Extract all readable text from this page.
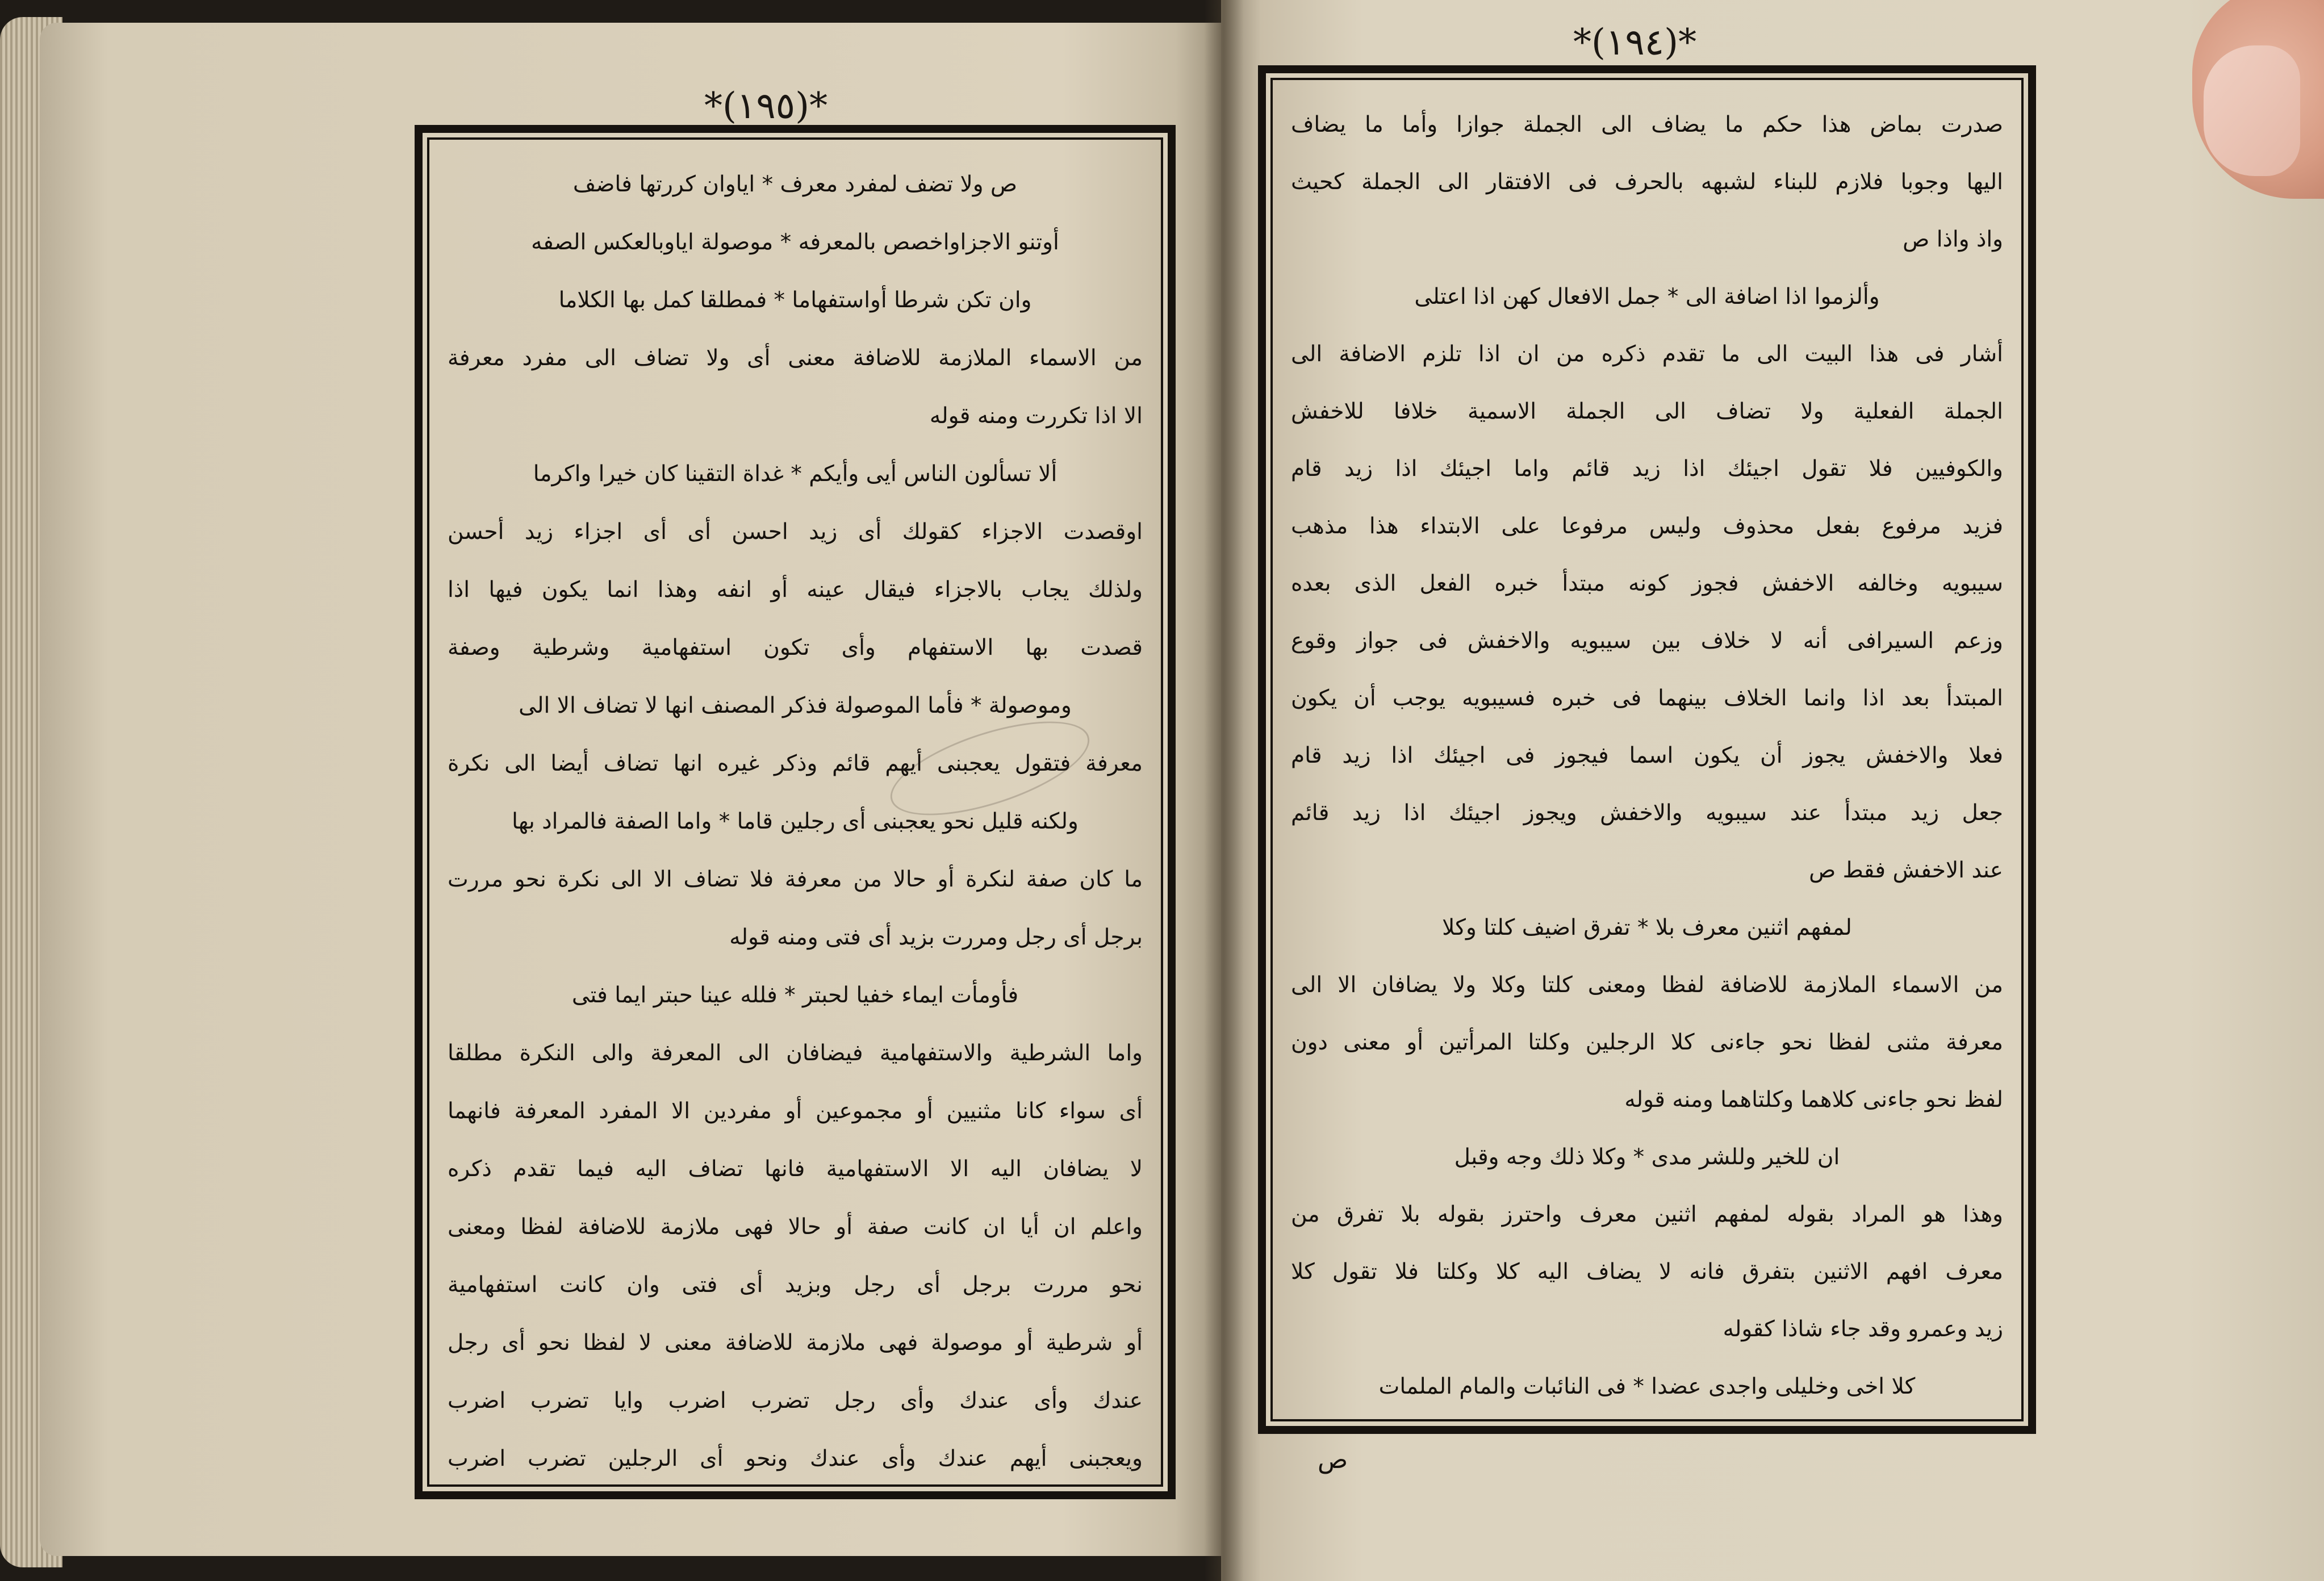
*(١٩٥)*
*(١٩٤)*
ص ولا تضف لمفرد معرف * اياوان كررتها فاضف
أوتنو الاجزاواخصص بالمعرفه * موصولة اياوبالعكس الصفه
وان تكن شرطا أواستفهاما * فمطلقا كمل بها الكلاما
من الاسماء الملازمة للاضافة معنى أى ولا تضاف الى مفرد معرفة
الا اذا تكررت ومنه قوله
ألا تسألون الناس أيى وأيكم * غداة التقينا كان خيرا واكرما
اوقصدت الاجزاء كقولك أى زيد احسن أى أى اجزاء زيد أحسن
ولذلك يجاب بالاجزاء فيقال عينه أو انفه وهذا انما يكون فيها اذا
قصدت بها الاستفهام وأى تكون استفهامية وشرطية وصفة
وموصولة * فأما الموصولة فذكر المصنف انها لا تضاف الا الى
معرفة فتقول يعجبنى أيهم قائم وذكر غيره انها تضاف أيضا الى نكرة
ولكنه قليل نحو يعجبنى أى رجلين قاما * واما الصفة فالمراد بها
ما كان صفة لنكرة أو حالا من معرفة فلا تضاف الا الى نكرة نحو مررت
برجل أى رجل ومررت بزيد أى فتى ومنه قوله
فأومأت ايماء خفيا لحبتر * فلله عينا حبتر ايما فتى
واما الشرطية والاستفهامية فيضافان الى المعرفة والى النكرة مطلقا
أى سواء كانا مثنيين أو مجموعين أو مفردين الا المفرد المعرفة فانهما
لا يضافان اليه الا الاستفهامية فانها تضاف اليه فيما تقدم ذكره
واعلم ان أيا ان كانت صفة أو حالا فهى ملازمة للاضافة لفظا ومعنى
نحو مررت برجل أى رجل وبزيد أى فتى وان كانت استفهامية
أو شرطية أو موصولة فهى ملازمة للاضافة معنى لا لفظا نحو أى رجل
عندك وأى عندك وأى رجل تضرب اضرب وايا تضرب اضرب
ويعجبنى أيهم عندك وأى عندك ونحو أى الرجلين تضرب اضرب
صدرت بماض هذا حكم ما يضاف الى الجملة جوازا وأما ما يضاف
اليها وجوبا فلازم للبناء لشبهه بالحرف فى الافتقار الى الجملة كحيث
واذ واذا ص
وألزموا اذا اضافة الى * جمل الافعال كهن اذا اعتلى
أشار فى هذا البيت الى ما تقدم ذكره من ان اذا تلزم الاضافة الى
الجملة الفعلية ولا تضاف الى الجملة الاسمية خلافا للاخفش
والكوفيين فلا تقول اجيئك اذا زيد قائم واما اجيئك اذا زيد قام
فزيد مرفوع بفعل محذوف وليس مرفوعا على الابتداء هذا مذهب
سيبويه وخالفه الاخفش فجوز كونه مبتدأ خبره الفعل الذى بعده
وزعم السيرافى أنه لا خلاف بين سيبويه والاخفش فى جواز وقوع
المبتدأ بعد اذا وانما الخلاف بينهما فى خبره فسيبويه يوجب أن يكون
فعلا والاخفش يجوز أن يكون اسما فيجوز فى اجيئك اذا زيد قام
جعل زيد مبتدأ عند سيبويه والاخفش ويجوز اجيئك اذا زيد قائم
عند الاخفش فقط ص
لمفهم اثنين معرف بلا * تفرق اضيف كلتا وكلا
من الاسماء الملازمة للاضافة لفظا ومعنى كلتا وكلا ولا يضافان الا الى
معرفة مثنى لفظا نحو جاءنى كلا الرجلين وكلتا المرأتين أو معنى دون
لفظ نحو جاءنى كلاهما وكلتاهما ومنه قوله
ان للخير وللشر مدى * وكلا ذلك وجه وقبل
وهذا هو المراد بقوله لمفهم اثنين معرف واحترز بقوله بلا تفرق من
معرف افهم الاثنين بتفرق فانه لا يضاف اليه كلا وكلتا فلا تقول كلا
زيد وعمرو وقد جاء شاذا كقوله
كلا اخى وخليلى واجدى عضدا * فى النائبات والمام الملمات
ص
